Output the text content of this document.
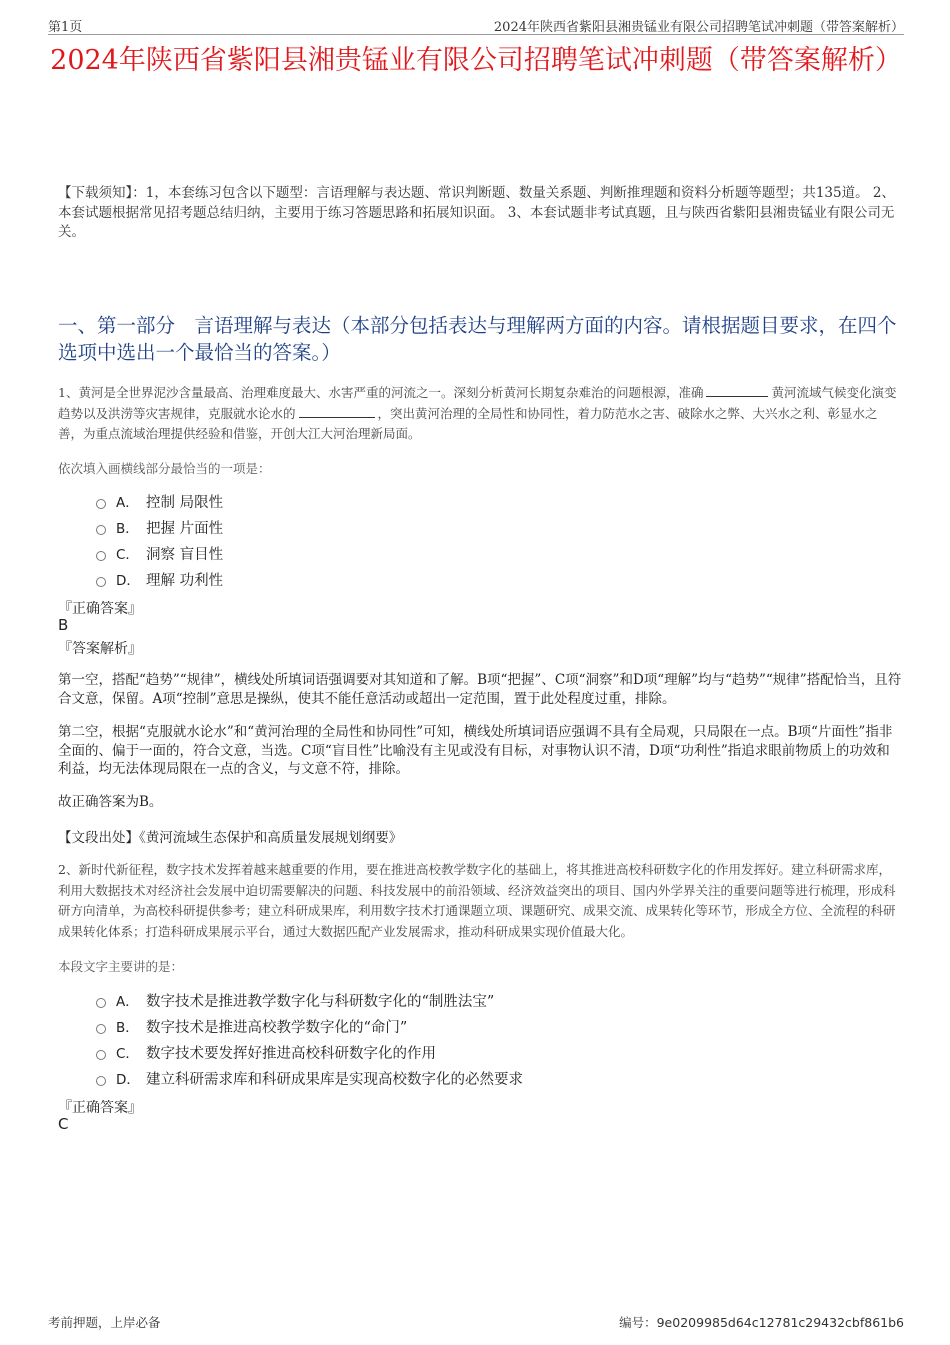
第1页	2024年陕西省紫阳县湘贵锰业有限公司招聘笔试冲刺题（带答案解析）
2024年陕西省紫阳县湘贵锰业有限公司招聘笔试冲刺题（带答案解析）
【下载须知】：1，本套练习包含以下题型：言语理解与表达题、常识判断题、数量关系题、判断推理题和资料分析题等题型；共135道。 2、本套试题根据常见招考题总结归纳，主要用于练习答题思路和拓展知识面。 3、本套试题非考试真题，且与陕西省紫阳县湘贵锰业有限公司无关。
一、第一部分　言语理解与表达（本部分包括表达与理解两方面的内容。请根据题目要求，在四个选项中选出一个最恰当的答案。）
1、黄河是全世界泥沙含量最高、治理难度最大、水害严重的河流之一。深刻分析黄河长期复杂难治的问题根源，准确	黄河流域气候变化演变趋势以及洪涝等灾害规律，克服就水论水的	，突出黄河治理的全局性和协同性，着力防范水之害、破除水之弊、大兴水之利、彰显水之善，为重点流域治理提供经验和借鉴，开创大江大河治理新局面。
依次填入画横线部分最恰当的一项是：
A． 控制 局限性
B． 把握 片面性
C． 洞察 盲目性
D． 理解 功利性
『正确答案』
B
『答案解析』

第一空，搭配“趋势”“规律”，横线处所填词语强调要对其知道和了解。B项“把握”、C项“洞察”和D项“理解”均与“趋势”“规律”搭配恰当，且符合文意，保留。A项“控制”意思是操纵，使其不能任意活动或超出一定范围，置于此处程度过重，排除。

第二空，根据“克服就水论水”和“黄河治理的全局性和协同性”可知，横线处所填词语应强调不具有全局观，只局限在一点。B项“片面性”指非全面的、偏于一面的，符合文意，当选。C项“盲目性”比喻没有主见或没有目标，对事物认识不清，D项“功利性”指追求眼前物质上的功效和利益，均无法体现局限在一点的含义，与文意不符，排除。

故正确答案为B。

【文段出处】《黄河流域生态保护和高质量发展规划纲要》
2、新时代新征程，数字技术发挥着越来越重要的作用，要在推进高校教学数字化的基础上，将其推进高校科研数字化的作用发挥好。建立科研需求库，利用大数据技术对经济社会发展中迫切需要解决的问题、科技发展中的前沿领域、经济效益突出的项目、国内外学界关注的重要问题等进行梳理，形成科研方向清单，为高校科研提供参考；建立科研成果库，利用数字技术打通课题立项、课题研究、成果交流、成果转化等环节，形成全方位、全流程的科研成果转化体系；打造科研成果展示平台，通过大数据匹配产业发展需求，推动科研成果实现价值最大化。
本段文字主要讲的是：
A． 数字技术是推进教学数字化与科研数字化的“制胜法宝”
B． 数字技术是推进高校教学数字化的“命门”
C． 数字技术要发挥好推进高校科研数字化的作用
D． 建立科研需求库和科研成果库是实现高校数字化的必然要求
『正确答案』
C
考前押题，上岸必备	编号：9e0209985d64c12781c29432cbf861b6
